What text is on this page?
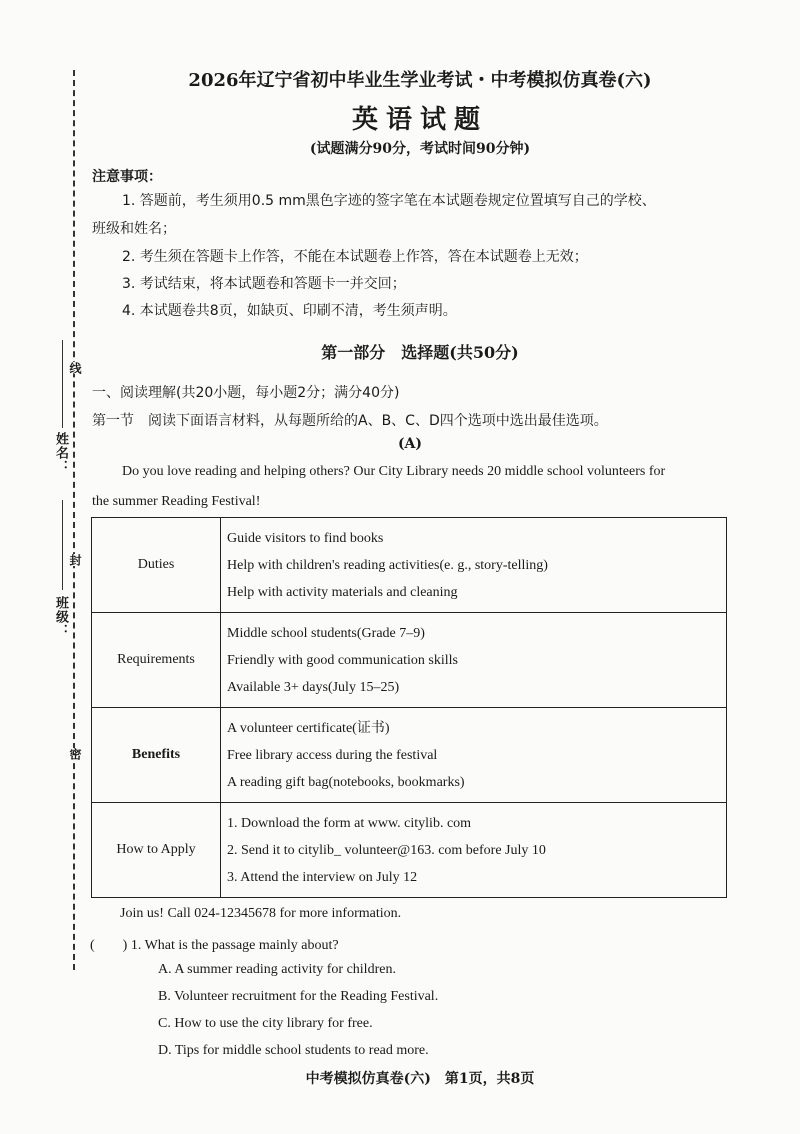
姓名：
班级：
线
封
密
2026年辽宁省初中毕业生学业考试・中考模拟仿真卷(六)
英语试题
(试题满分90分，考试时间90分钟)
注意事项：
1. 答题前，考生须用0.5 mm黑色字迹的签字笔在本试题卷规定位置填写自己的学校、
班级和姓名；
2. 考生须在答题卡上作答，不能在本试题卷上作答，答在本试题卷上无效；
3. 考试结束，将本试题卷和答题卡一并交回；
4. 本试题卷共8页，如缺页、印刷不清，考生须声明。
第一部分　选择题(共50分)
一、阅读理解(共20小题，每小题2分；满分40分)
第一节　阅读下面语言材料，从每题所给的A、B、C、D四个选项中选出最佳选项。
(A)
Do you love reading and helping others? Our City Library needs 20 middle school volunteers for
the summer Reading Festival!
Duties	Guide visitors to find books
Help with children's reading activities(e. g., story-telling)
Help with activity materials and cleaning

Requirements	Middle school students(Grade 7–9)
Friendly with good communication skills
Available 3+ days(July 15–25)

Benefits	A volunteer certificate(证书)
Free library access during the festival
A reading gift bag(notebooks, bookmarks)

How to Apply	1. Download the form at www. citylib. com
2. Send it to citylib_ volunteer@163. com before July 10
3. Attend the interview on July 12
Join us! Call 024-12345678 for more information.
(　　) 1. What is the passage mainly about?
A. A summer reading activity for children.
B. Volunteer recruitment for the Reading Festival.
C. How to use the city library for free.
D. Tips for middle school students to read more.
中考模拟仿真卷(六)　第1页，共8页
